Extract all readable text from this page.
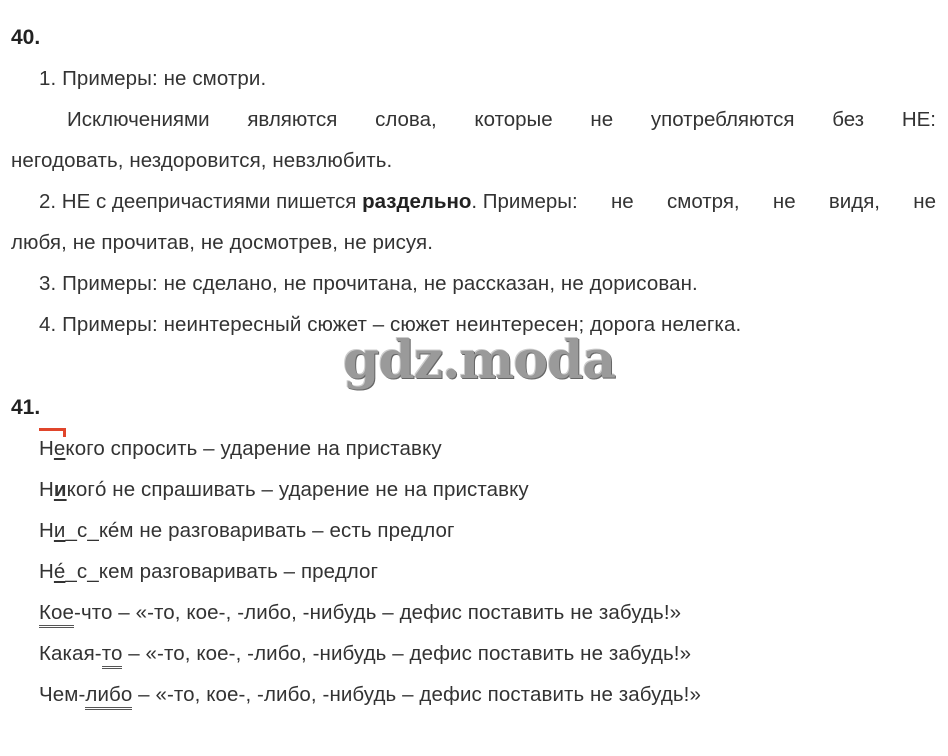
40.
1. Примеры: не смотри.
Исключениями являются слова, которые не употребляются без НЕ:
негодовать, нездоровится, невзлюбить.
2. НЕ с деепричастиями пишется раздельно. Примеры: не смотря, не видя, не
любя, не прочитав, не досмотрев, не рисуя.
3. Примеры: не сделано, не прочитана, не рассказан, не дорисован.
4. Примеры: неинтересный сюжет – сюжет неинтересен; дорога нелегка.
gdz.moda
41.
Некого спросить – ударение на приставку
Никогó не спрашивать – ударение не на приставку
Ни_с_кéм не разговаривать – есть предлог
Нé_с_кем разговаривать – предлог
Кое-что – «-то, кое-, -либо, -нибудь – дефис поставить не забудь!»
Какая-то – «-то, кое-, -либо, -нибудь – дефис поставить не забудь!»
Чем-либо – «-то, кое-, -либо, -нибудь – дефис поставить не забудь!»
